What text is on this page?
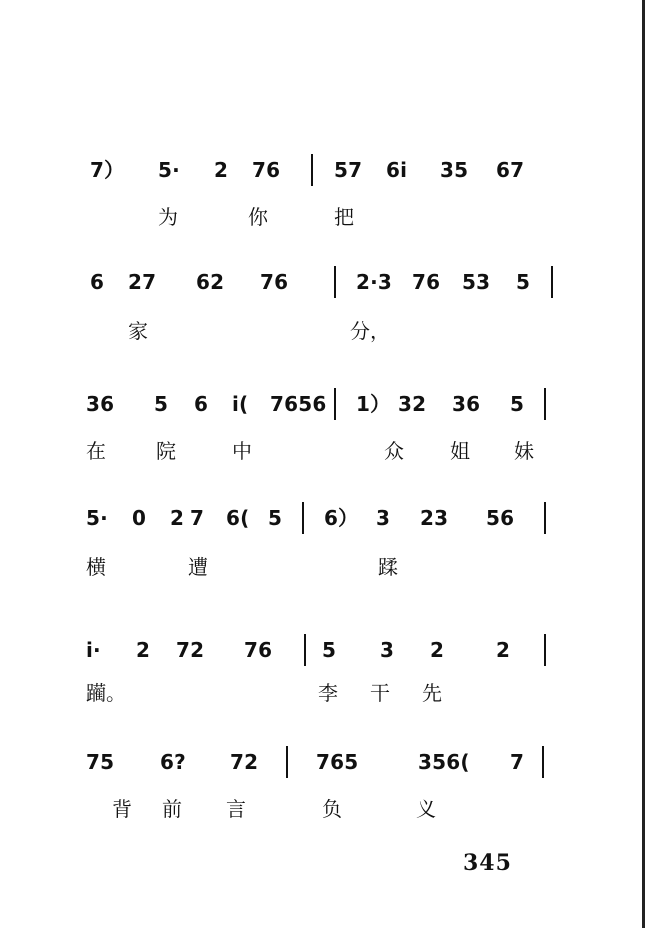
7） 5· 2 76	57 6i 35 67
为	你	把
6 27 62 76	2·3 76 53 5
家	分，
36 5 6 i( 7656 1） 32 36 5
在	院	中	众 姐 妹
5· 0 2 7 6( 5 6） 3 23 56
横	遭	蹂
i· 2 72 76 5 3 2	2
躏。	李 干 先
75 6? 72	765	356( 7
背 前 言	负	义
345
